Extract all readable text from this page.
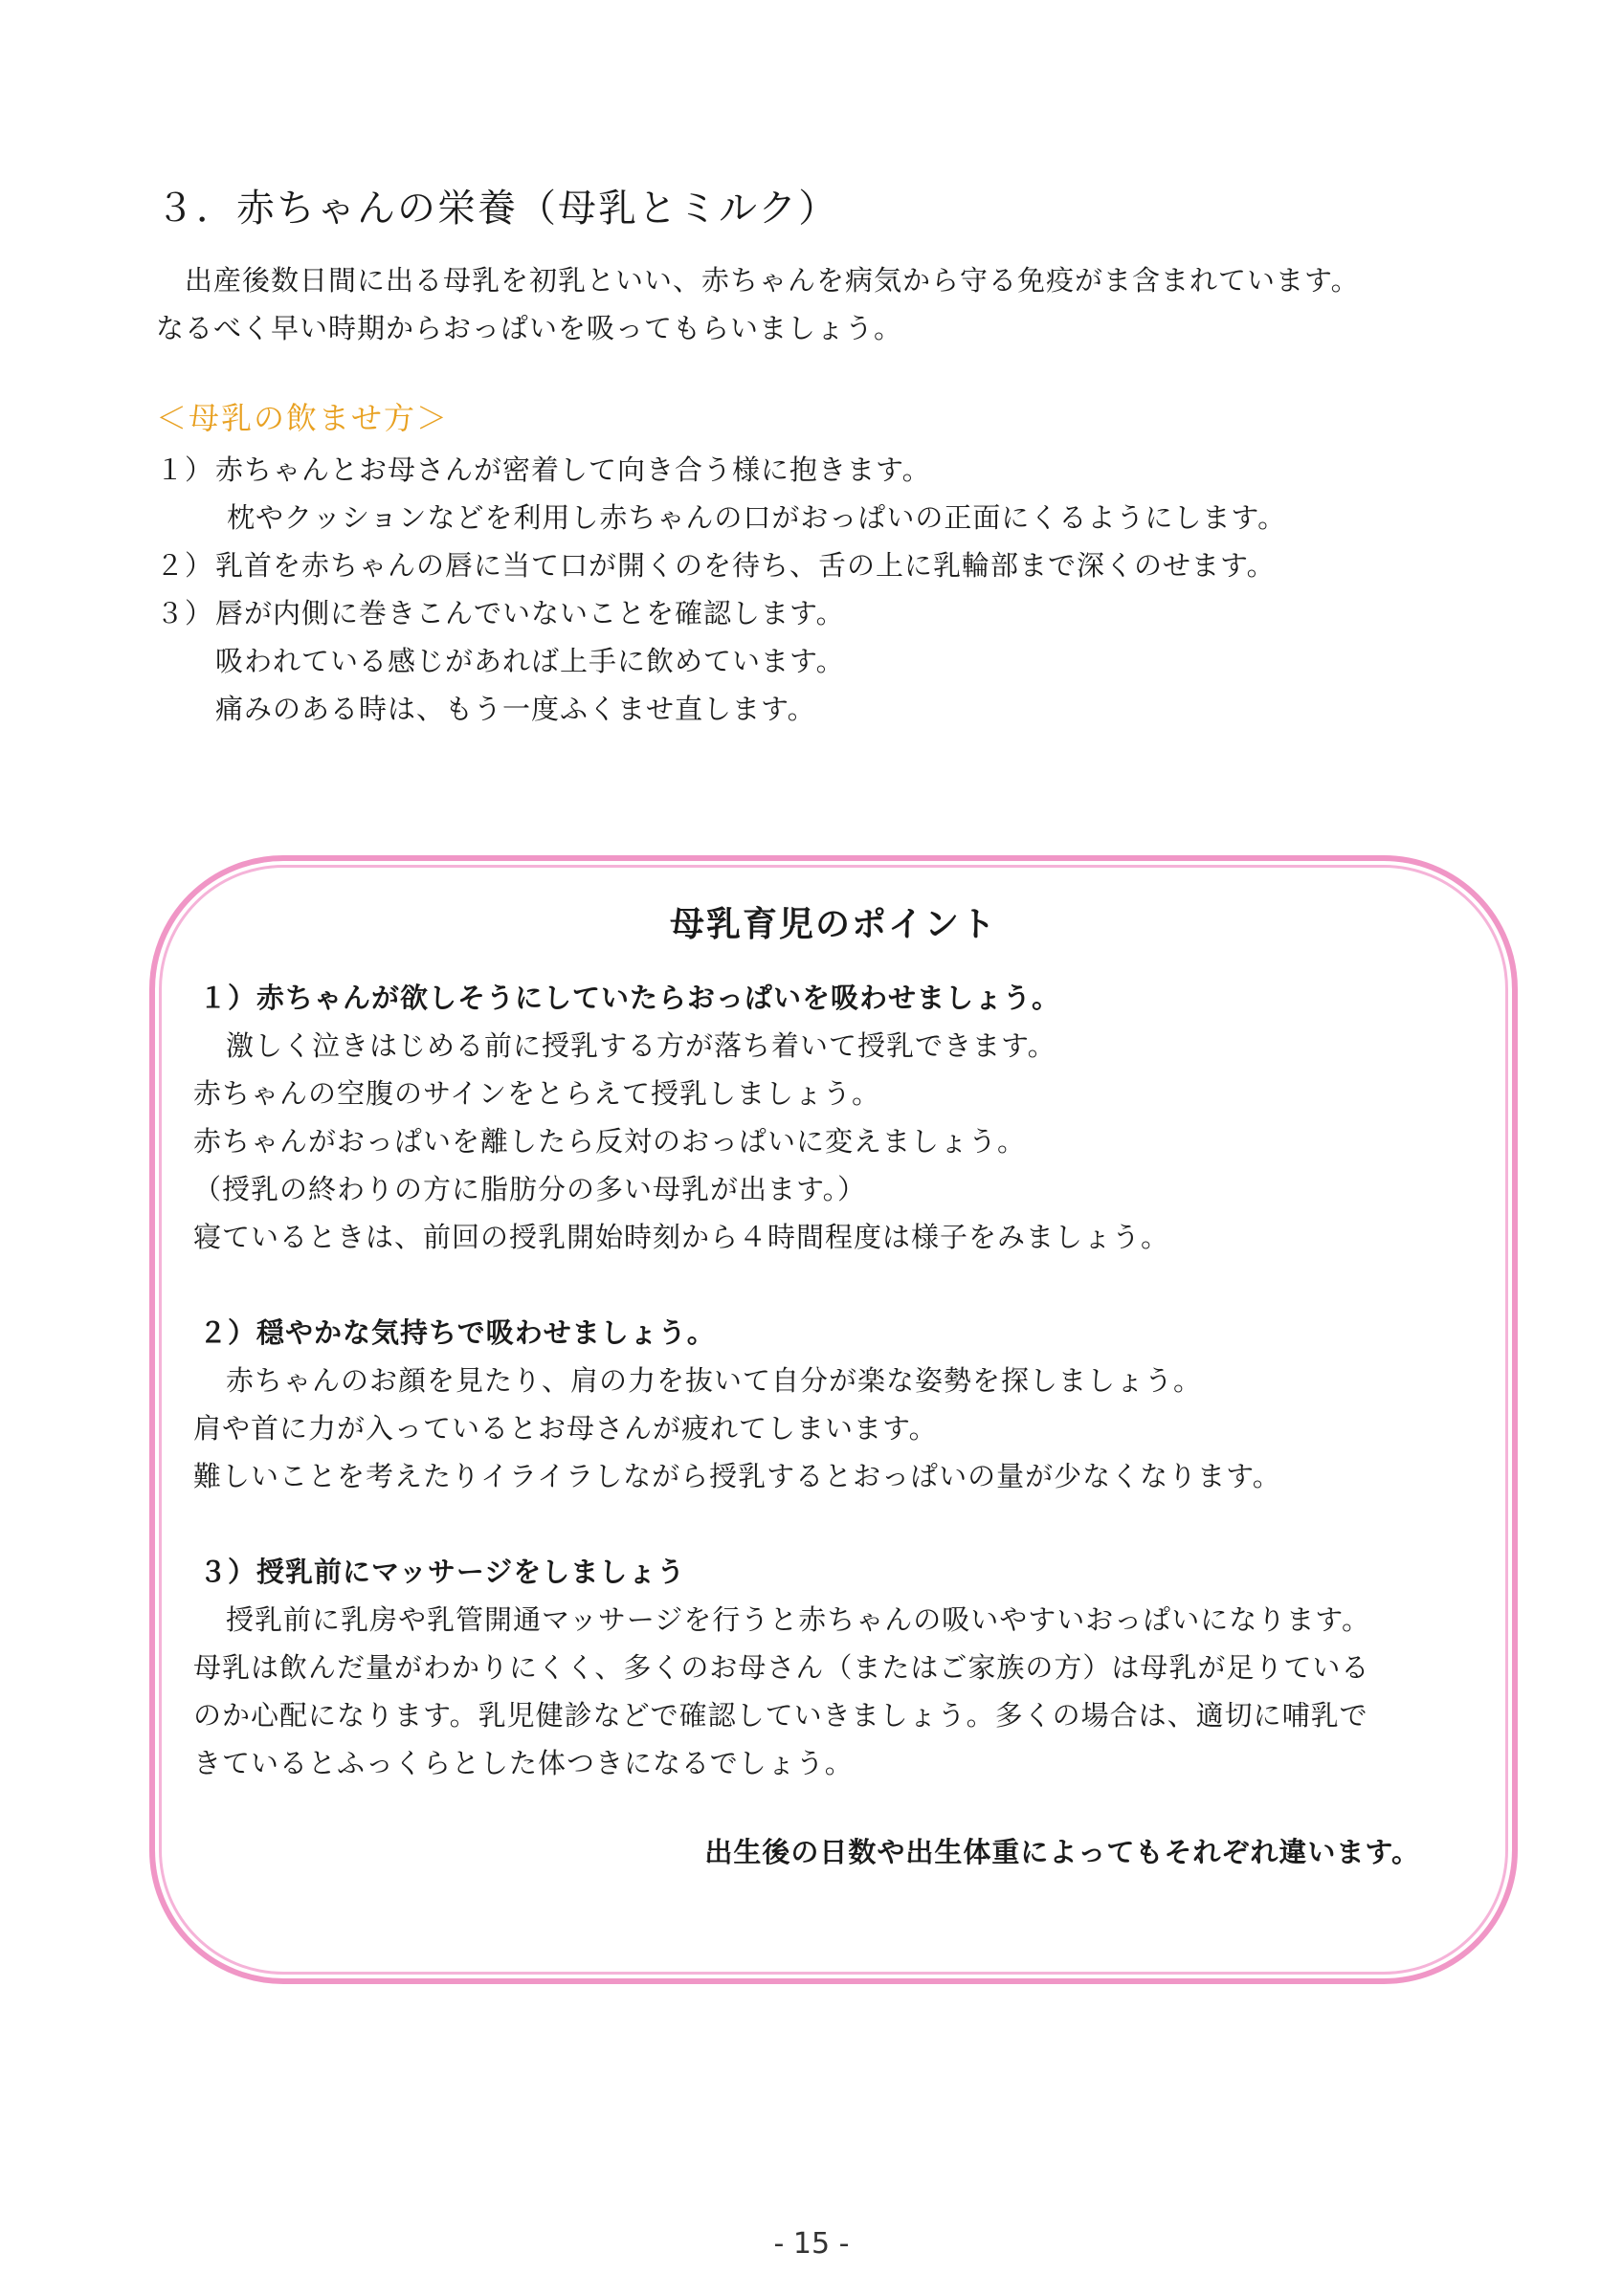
３．赤ちゃんの栄養（母乳とミルク）

出産後数日間に出る母乳を初乳といい、赤ちゃんを病気から守る免疫がま含まれています。

なるべく早い時期からおっぱいを吸ってもらいましょう。

＜母乳の飲ませ方＞
１）赤ちゃんとお母さんが密着して向き合う様に抱きます。
枕やクッションなどを利用し赤ちゃんの口がおっぱいの正面にくるようにします。
２）乳首を赤ちゃんの唇に当て口が開くのを待ち、舌の上に乳輪部まで深くのせます。
３）唇が内側に巻きこんでいないことを確認します。
吸われている感じがあれば上手に飲めています。
痛みのある時は、もう一度ふくませ直します。
母乳育児のポイント
１）赤ちゃんが欲しそうにしていたらおっぱいを吸わせましょう。
激しく泣きはじめる前に授乳する方が落ち着いて授乳できます。
赤ちゃんの空腹のサインをとらえて授乳しましょう。
赤ちゃんがおっぱいを離したら反対のおっぱいに変えましょう。
（授乳の終わりの方に脂肪分の多い母乳が出ます。）
寝ているときは、前回の授乳開始時刻から４時間程度は様子をみましょう。
２）穏やかな気持ちで吸わせましょう。
赤ちゃんのお顔を見たり、肩の力を抜いて自分が楽な姿勢を探しましょう。
肩や首に力が入っているとお母さんが疲れてしまいます。
難しいことを考えたりイライラしながら授乳するとおっぱいの量が少なくなります。
３）授乳前にマッサージをしましょう
授乳前に乳房や乳管開通マッサージを行うと赤ちゃんの吸いやすいおっぱいになります。
母乳は飲んだ量がわかりにくく、多くのお母さん（またはご家族の方）は母乳が足りている
のか心配になります。乳児健診などで確認していきましょう。多くの場合は、適切に哺乳で
きているとふっくらとした体つきになるでしょう。
出生後の日数や出生体重によってもそれぞれ違います。
- 15 -
